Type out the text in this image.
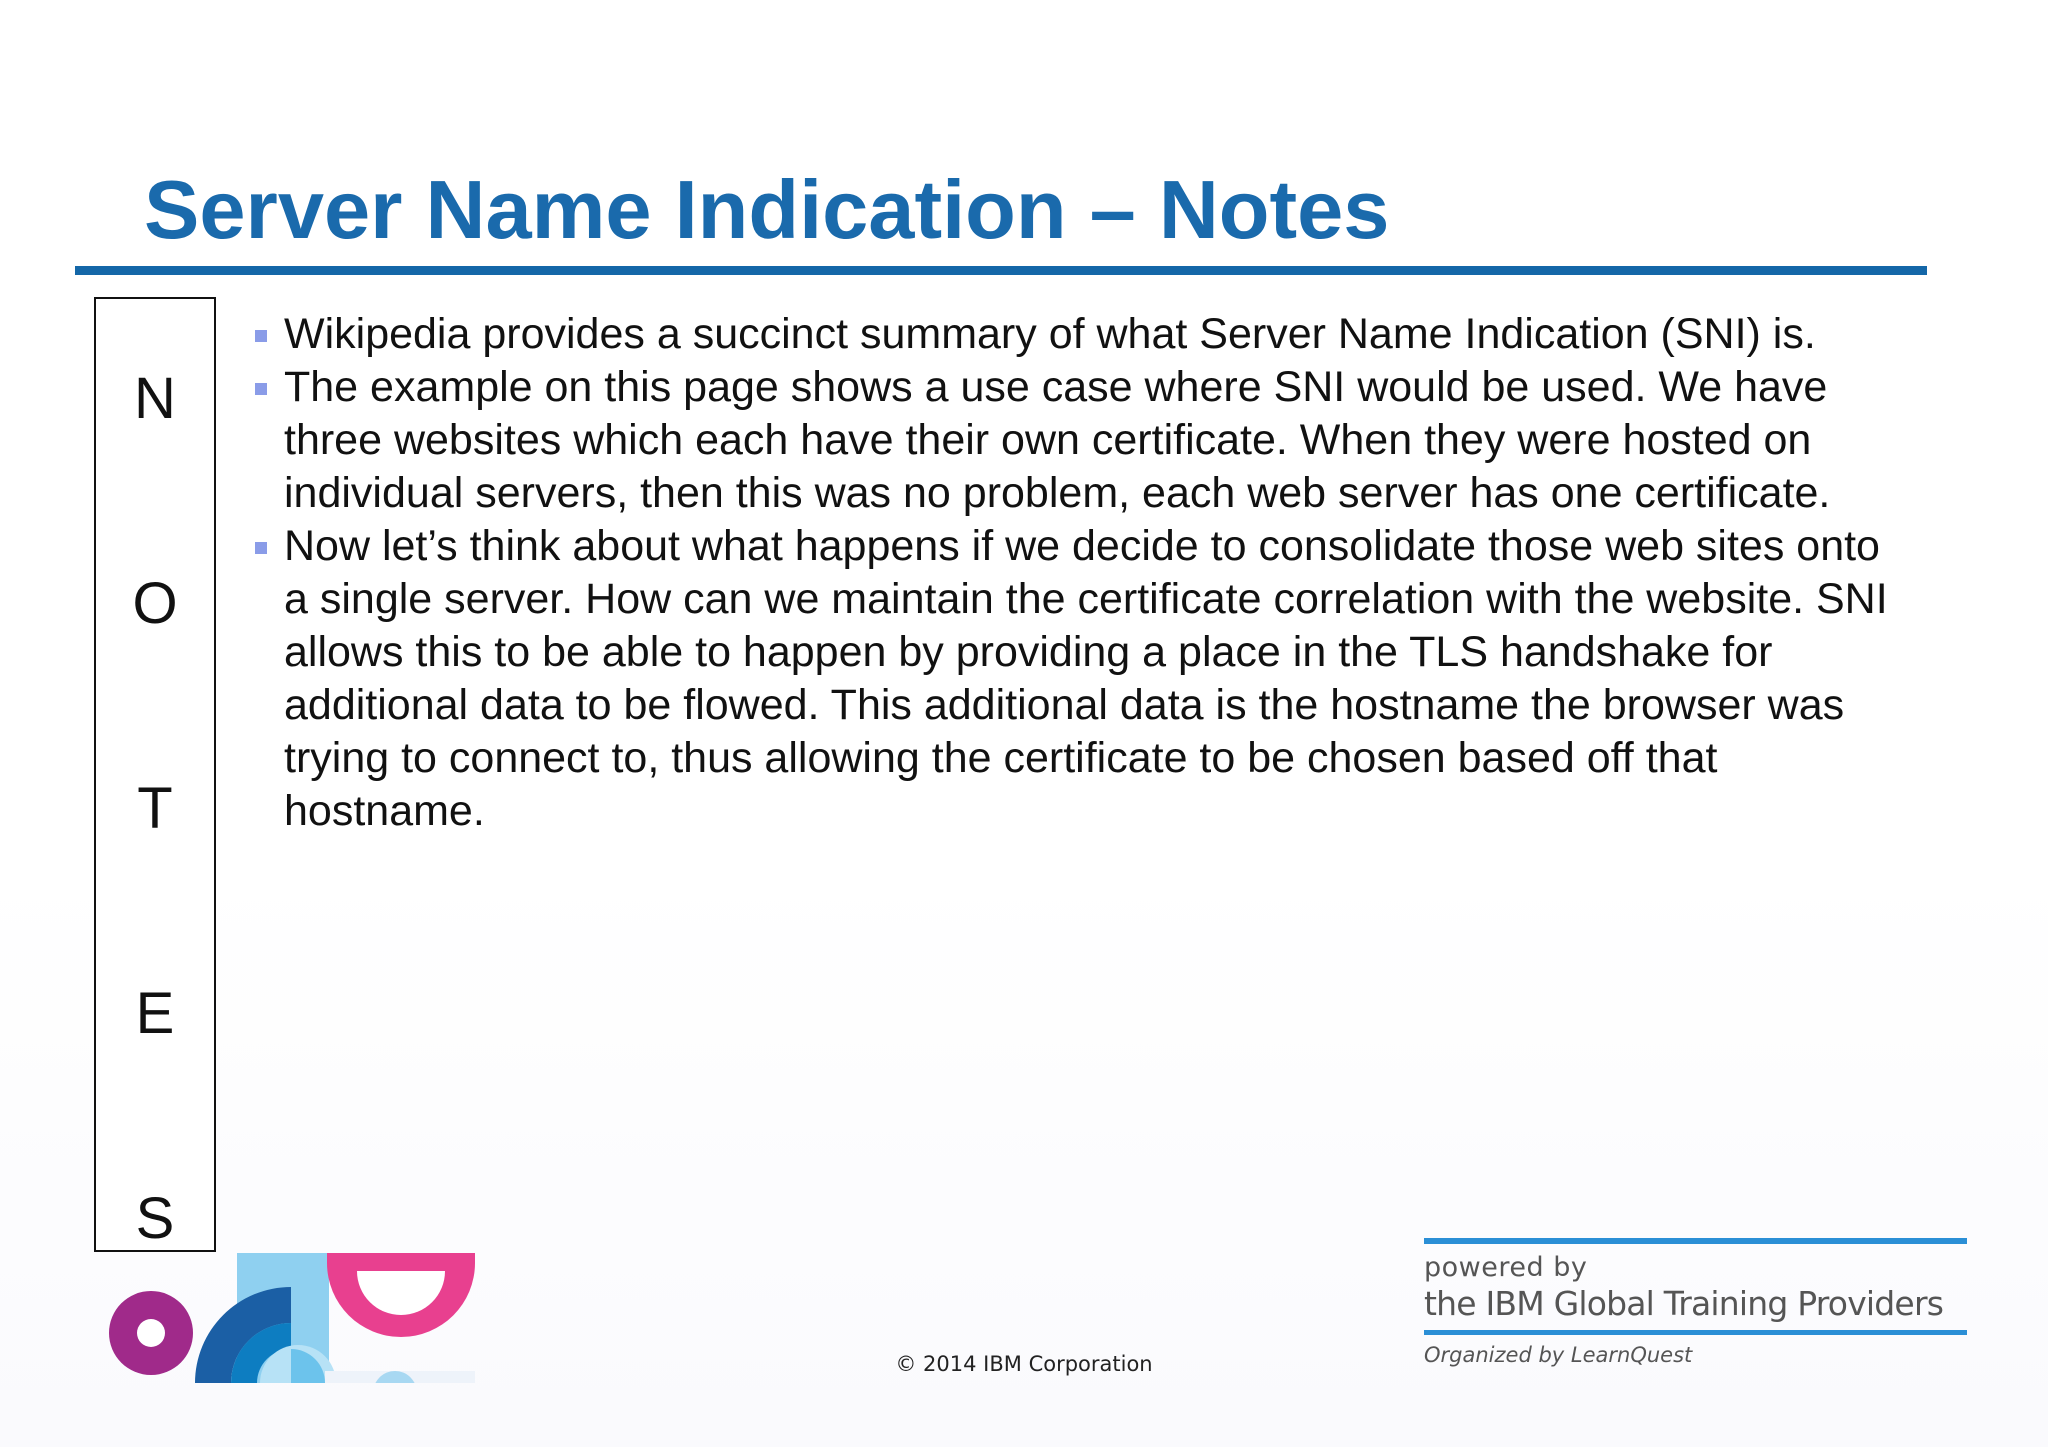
Server Name Indication – Notes
N
O
T
E
S
Wikipedia provides a succinct summary of what Server Name Indication (SNI) is.
The example on this page shows a use case where SNI would be used. We have three websites which each have their own certificate. When they were hosted on individual servers, then this was no problem, each web server has one certificate.
Now let’s think about what happens if we decide to consolidate those web sites onto a single server. How can we maintain the certificate correlation with the website. SNI allows this to be able to happen by providing a place in the TLS handshake for additional data to be flowed. This additional data is the hostname the browser was trying to connect to, thus allowing the certificate to be chosen based off that hostname.
© 2014 IBM Corporation
powered by
the IBM Global Training Providers
Organized by LearnQuest
